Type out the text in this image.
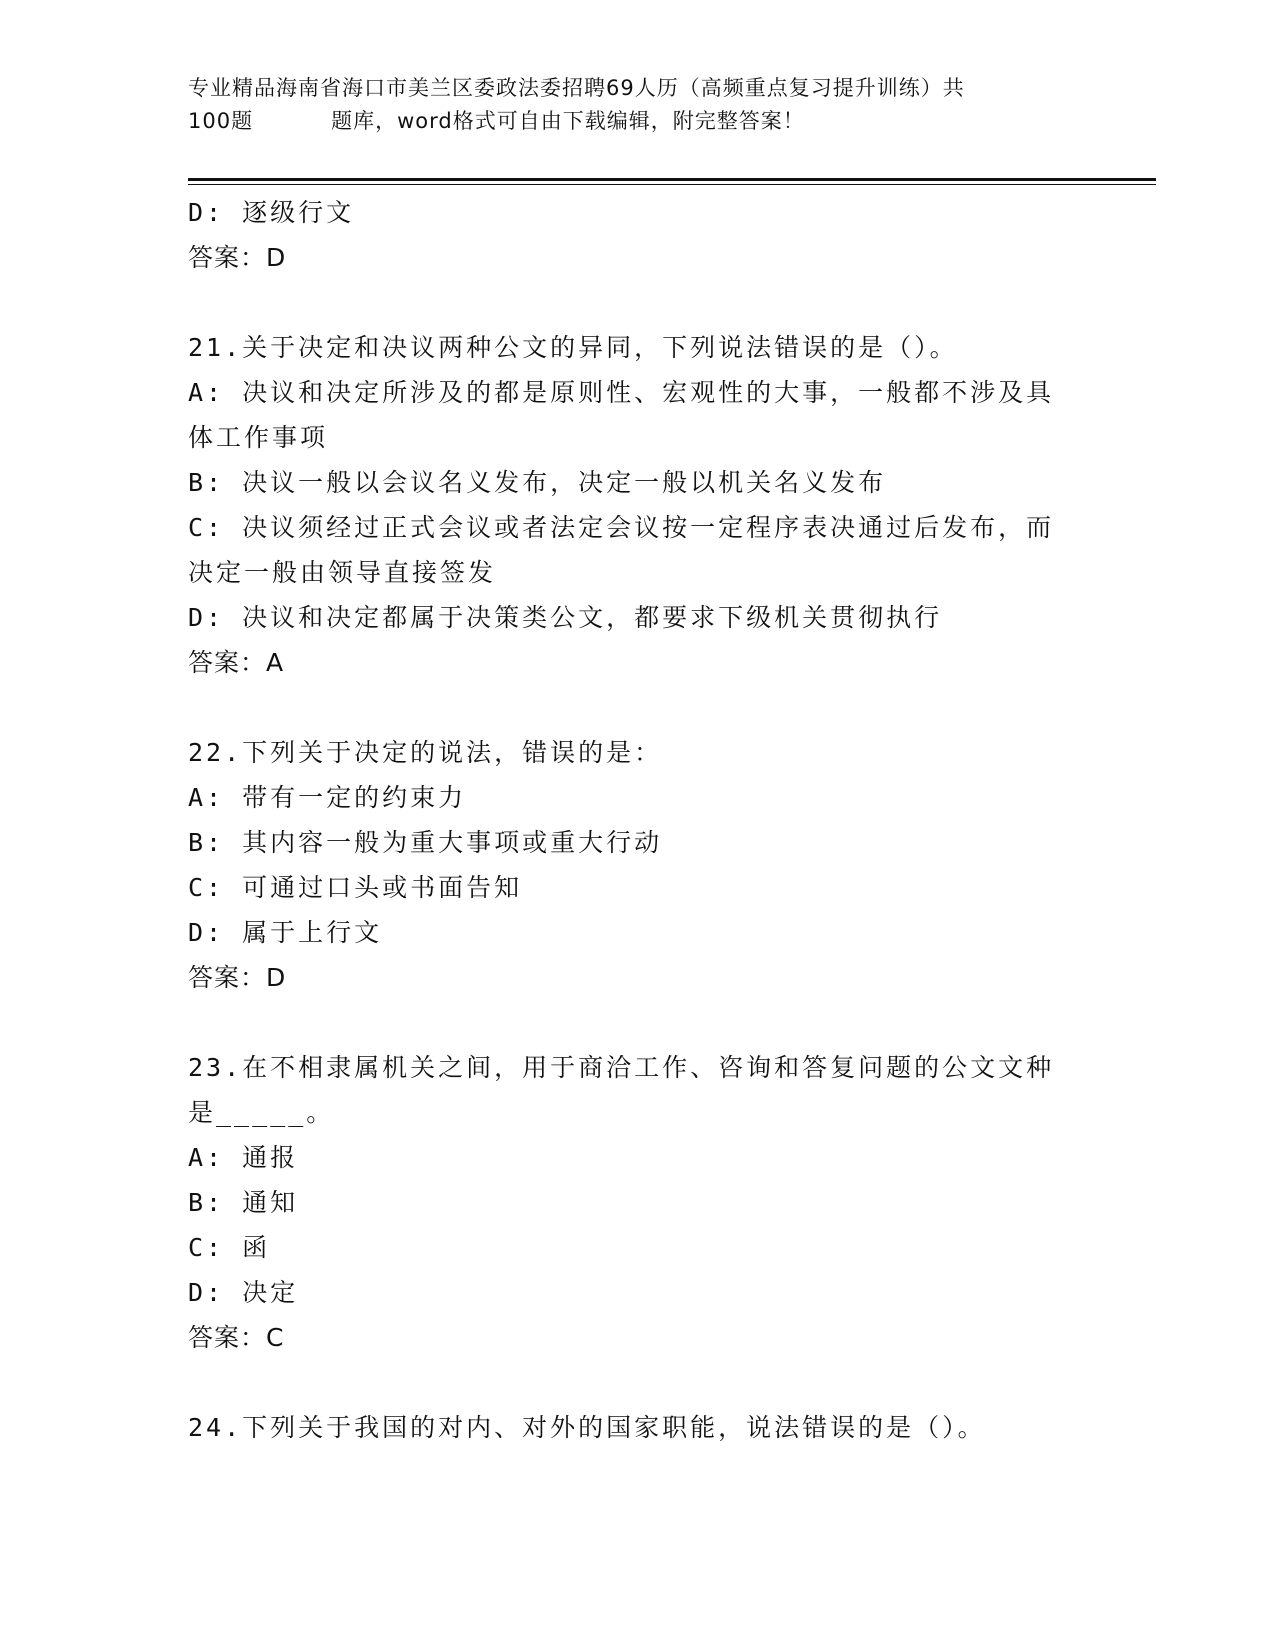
专业精品海南省海口市美兰区委政法委招聘69人历（高频重点复习提升训练）共
100题	题库，word格式可自由下载编辑，附完整答案！
D: 逐级行文
答案：D
21.关于决定和决议两种公文的异同，下列说法错误的是（）。
A: 决议和决定所涉及的都是原则性、宏观性的大事，一般都不涉及具
体工作事项
B: 决议一般以会议名义发布，决定一般以机关名义发布
C: 决议须经过正式会议或者法定会议按一定程序表决通过后发布，而
决定一般由领导直接签发
D: 决议和决定都属于决策类公文，都要求下级机关贯彻执行
答案：A
22.下列关于决定的说法，错误的是：
A: 带有一定的约束力
B: 其内容一般为重大事项或重大行动
C: 可通过口头或书面告知
D: 属于上行文
答案：D
23.在不相隶属机关之间，用于商洽工作、咨询和答复问题的公文文种
是_____。
A: 通报
B: 通知
C: 函
D: 决定
答案：C
24.下列关于我国的对内、对外的国家职能，说法错误的是（）。
